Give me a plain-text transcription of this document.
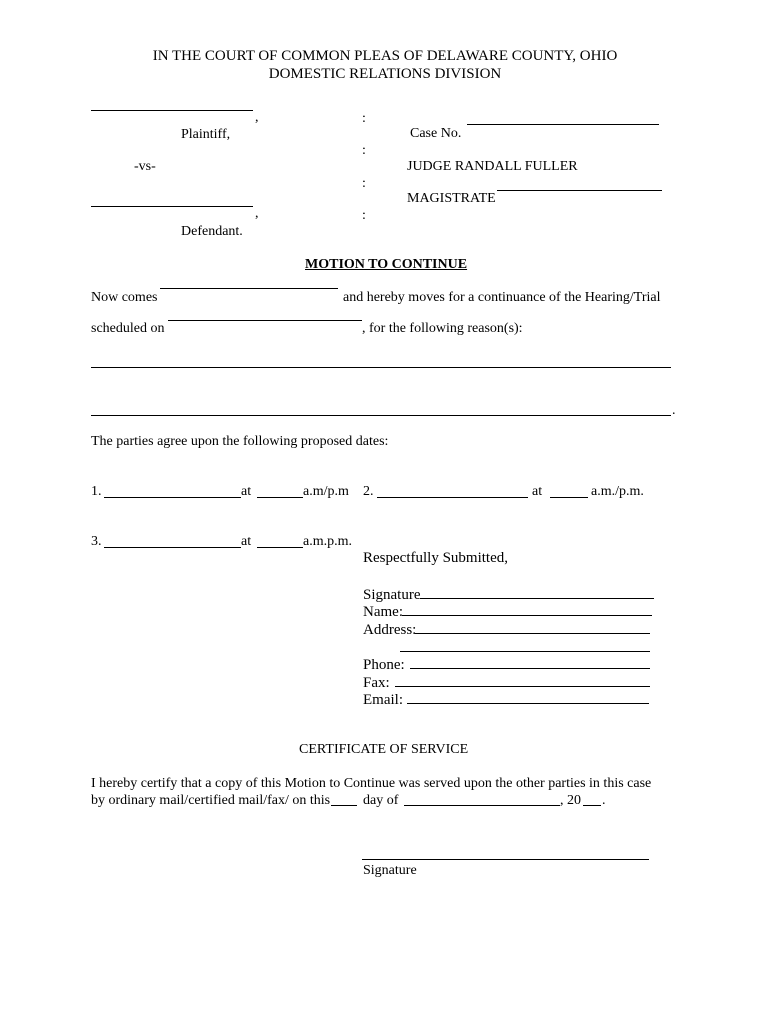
IN THE COURT OF COMMON PLEAS OF DELAWARE COUNTY, OHIO
DOMESTIC RELATIONS DIVISION
,
Plaintiff,
-vs-
,
Defendant.
:
:
:
:
Case No.
JUDGE RANDALL FULLER
MAGISTRATE
MOTION TO CONTINUE
Now comes	and hereby moves for a continuance of the Hearing/Trial
scheduled on	, for the following reason(s):
.
The parties agree upon the following proposed dates:
1.	at	a.m/p.m 2.	at	a.m./p.m.
3.	at	a.m.p.m.
Respectfully Submitted,
Signature
Name:
Address:
Phone:
Fax:
Email:
CERTIFICATE OF SERVICE
I hereby certify that a copy of this Motion to Continue was served upon the other parties in this case
by ordinary mail/certified mail/fax/ on this day of	, 20 .
Signature
